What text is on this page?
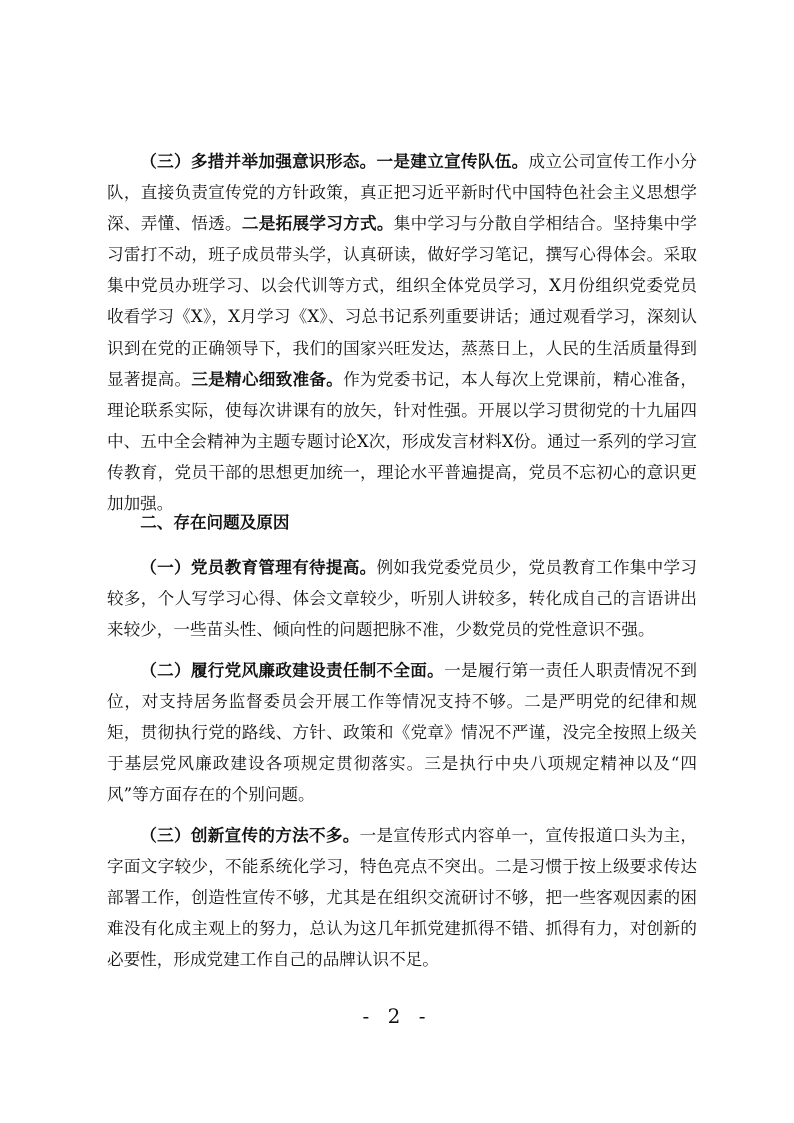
（三）多措并举加强意识形态。一是建立宣传队伍。成立公司宣传工作小分队，直接负责宣传党的方针政策，真正把习近平新时代中国特色社会主义思想学深、弄懂、悟透。二是拓展学习方式。集中学习与分散自学相结合。坚持集中学习雷打不动，班子成员带头学，认真研读，做好学习笔记，撰写心得体会。采取集中党员办班学习、以会代训等方式，组织全体党员学习，X月份组织党委党员收看学习《X》，X月学习《X》、习总书记系列重要讲话；通过观看学习，深刻认识到在党的正确领导下，我们的国家兴旺发达，蒸蒸日上，人民的生活质量得到显著提高。三是精心细致准备。作为党委书记，本人每次上党课前，精心准备，理论联系实际，使每次讲课有的放矢，针对性强。开展以学习贯彻党的十九届四中、五中全会精神为主题专题讨论X次，形成发言材料X份。通过一系列的学习宣传教育，党员干部的思想更加统一，理论水平普遍提高，党员不忘初心的意识更加加强。

二、存在问题及原因

（一）党员教育管理有待提高。例如我党委党员少，党员教育工作集中学习较多，个人写学习心得、体会文章较少，听别人讲较多，转化成自己的言语讲出来较少，一些苗头性、倾向性的问题把脉不准，少数党员的党性意识不强。

（二）履行党风廉政建设责任制不全面。一是履行第一责任人职责情况不到位，对支持居务监督委员会开展工作等情况支持不够。二是严明党的纪律和规矩，贯彻执行党的路线、方针、政策和《党章》情况不严谨，没完全按照上级关于基层党风廉政建设各项规定贯彻落实。三是执行中央八项规定精神以及“四风”等方面存在的个别问题。

（三）创新宣传的方法不多。一是宣传形式内容单一，宣传报道口头为主，字面文字较少，不能系统化学习，特色亮点不突出。二是习惯于按上级要求传达部署工作，创造性宣传不够，尤其是在组织交流研讨不够，把一些客观因素的困难没有化成主观上的努力，总认为这几年抓党建抓得不错、抓得有力，对创新的必要性，形成党建工作自己的品牌认识不足。

- 2 -
